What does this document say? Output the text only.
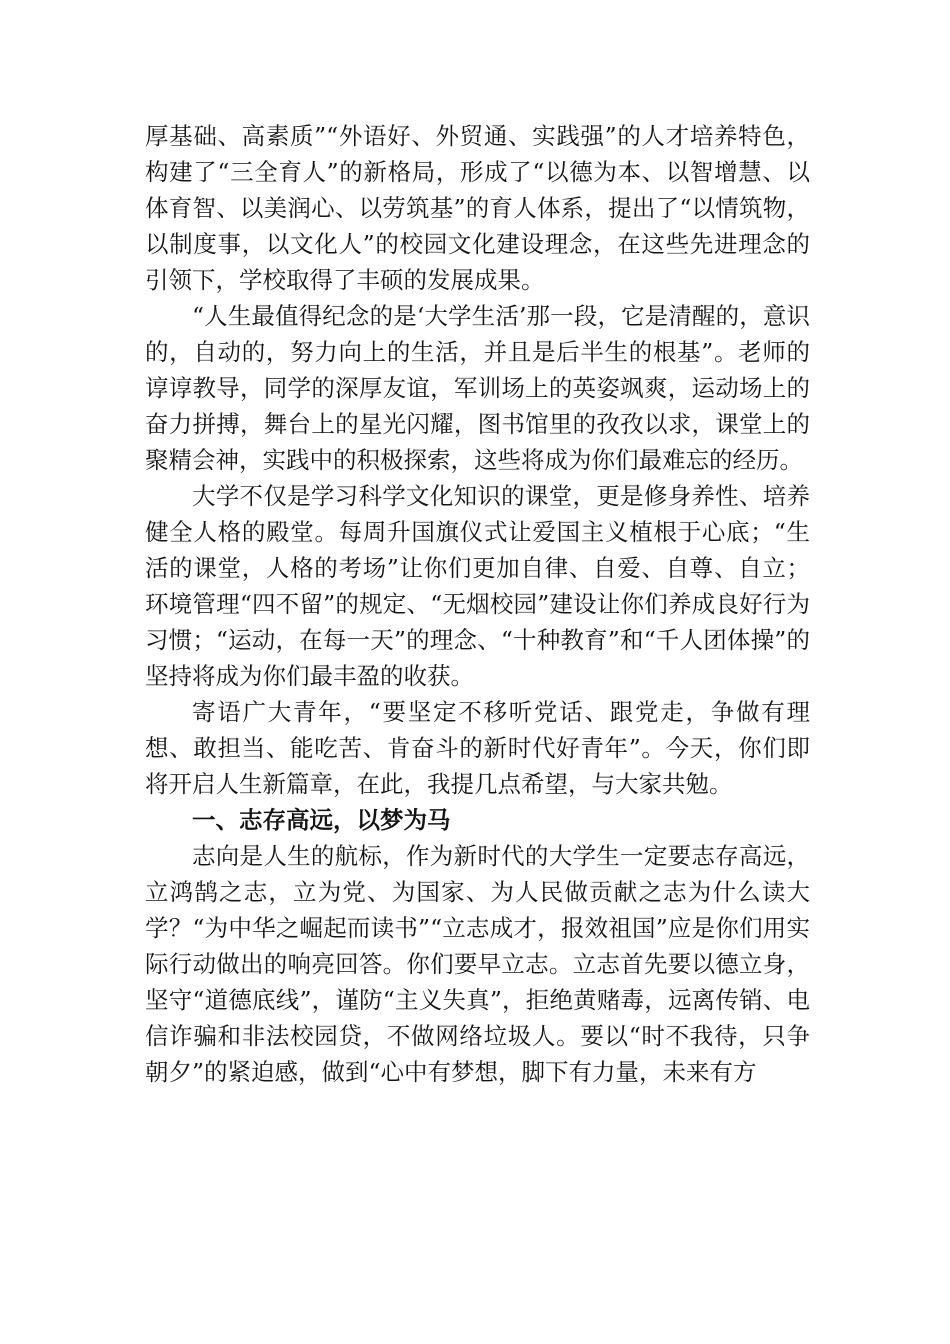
厚基础、高素质”“外语好、外贸通、实践强”的人才培养特色，构建了“三全育人”的新格局，形成了“以德为本、以智增慧、以体育智、以美润心、以劳筑基”的育人体系，提出了“以情筑物，以制度事，以文化人”的校园文化建设理念，在这些先进理念的引领下，学校取得了丰硕的发展成果。

“人生最值得纪念的是‘大学生活’那一段，它是清醒的，意识的，自动的，努力向上的生活，并且是后半生的根基”。老师的谆谆教导，同学的深厚友谊，军训场上的英姿飒爽，运动场上的奋力拼搏，舞台上的星光闪耀，图书馆里的孜孜以求，课堂上的聚精会神，实践中的积极探索，这些将成为你们最难忘的经历。

大学不仅是学习科学文化知识的课堂，更是修身养性、培养健全人格的殿堂。每周升国旗仪式让爱国主义植根于心底；“生活的课堂，人格的考场”让你们更加自律、自爱、自尊、自立；环境管理“四不留”的规定、“无烟校园”建设让你们养成良好行为习惯；“运动，在每一天”的理念、“十种教育”和“千人团体操”的坚持将成为你们最丰盈的收获。

寄语广大青年，“要坚定不移听党话、跟党走，争做有理想、敢担当、能吃苦、肯奋斗的新时代好青年”。今天，你们即将开启人生新篇章，在此，我提几点希望，与大家共勉。

一、志存高远，以梦为马

志向是人生的航标，作为新时代的大学生一定要志存高远，立鸿鹄之志，立为党、为国家、为人民做贡献之志为什么读大学？“为中华之崛起而读书”“立志成才，报效祖国”应是你们用实际行动做出的响亮回答。你们要早立志。立志首先要以德立身，坚守“道德底线”，谨防“主义失真”，拒绝黄赌毒，远离传销、电信诈骗和非法校园贷，不做网络垃圾人。要以“时不我待，只争朝夕”的紧迫感，做到“心中有梦想，脚下有力量，未来有方
